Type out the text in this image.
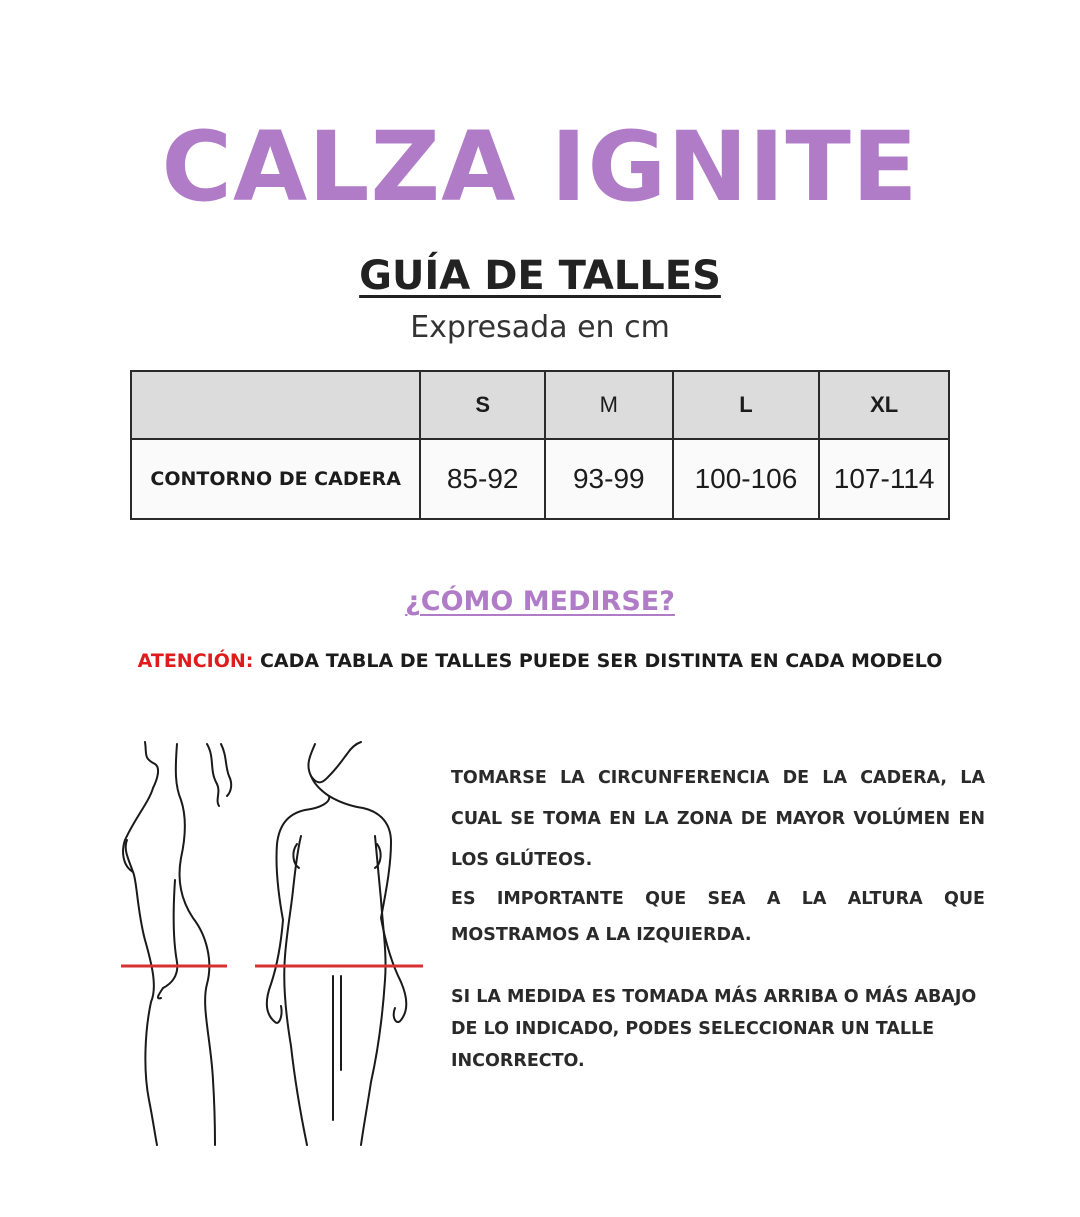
CALZA IGNITE
GUÍA DE TALLES
Expresada en cm
	S	M	L	XL
CONTORNO DE CADERA	85-92	93-99	100-106	107-114
¿CÓMO MEDIRSE?
ATENCIÓN: CADA TABLA DE TALLES PUEDE SER DISTINTA EN CADA MODELO

TOMARSE LA CIRCUNFERENCIA DE LA CADERA, LA CUAL SE TOMA EN LA ZONA DE MAYOR VOLÚMEN EN LOS GLÚTEOS.

ES IMPORTANTE QUE SEA A LA ALTURA QUE MOSTRAMOS A LA IZQUIERDA.

SI LA MEDIDA ES TOMADA MÁS ARRIBA O MÁS ABAJO DE LO INDICADO, PODES SELECCIONAR UN TALLE INCORRECTO.
